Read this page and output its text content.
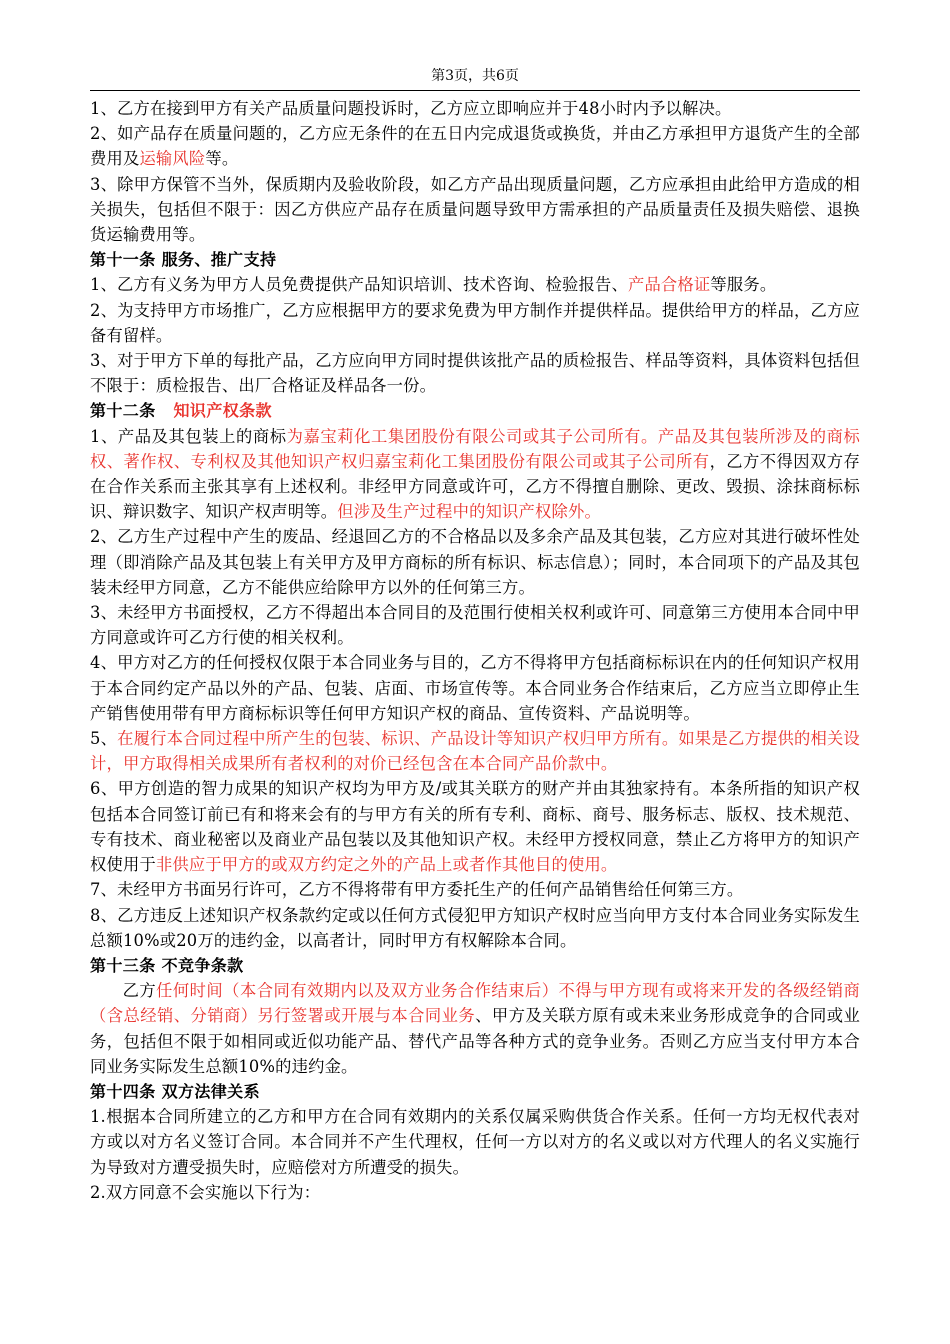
第3页，共6页

1、乙方在接到甲方有关产品质量问题投诉时，乙方应立即响应并于48小时内予以解决。

2、如产品存在质量问题的，乙方应无条件的在五日内完成退货或换货，并由乙方承担甲方退货产生的全部费用及运输风险等。

3、除甲方保管不当外，保质期内及验收阶段，如乙方产品出现质量问题，乙方应承担由此给甲方造成的相关损失，包括但不限于：因乙方供应产品存在质量问题导致甲方需承担的产品质量责任及损失赔偿、退换货运输费用等。

第十一条 服务、推广支持

1、乙方有义务为甲方人员免费提供产品知识培训、技术咨询、检验报告、产品合格证等服务。

2、为支持甲方市场推广，乙方应根据甲方的要求免费为甲方制作并提供样品。提供给甲方的样品，乙方应备有留样。

3、对于甲方下单的每批产品，乙方应向甲方同时提供该批产品的质检报告、样品等资料，具体资料包括但不限于：质检报告、出厂合格证及样品各一份。

第十二条 知识产权条款

1、产品及其包装上的商标为嘉宝莉化工集团股份有限公司或其子公司所有。产品及其包装所涉及的商标权、著作权、专利权及其他知识产权归嘉宝莉化工集团股份有限公司或其子公司所有，乙方不得因双方存在合作关系而主张其享有上述权利。非经甲方同意或许可，乙方不得擅自删除、更改、毁损、涂抹商标标识、辩识数字、知识产权声明等。但涉及生产过程中的知识产权除外。

2、乙方生产过程中产生的废品、经退回乙方的不合格品以及多余产品及其包装，乙方应对其进行破坏性处理（即消除产品及其包装上有关甲方及甲方商标的所有标识、标志信息）；同时，本合同项下的产品及其包装未经甲方同意，乙方不能供应给除甲方以外的任何第三方。

3、未经甲方书面授权，乙方不得超出本合同目的及范围行使相关权利或许可、同意第三方使用本合同中甲方同意或许可乙方行使的相关权利。

4、甲方对乙方的任何授权仅限于本合同业务与目的，乙方不得将甲方包括商标标识在内的任何知识产权用于本合同约定产品以外的产品、包装、店面、市场宣传等。本合同业务合作结束后，乙方应当立即停止生产销售使用带有甲方商标标识等任何甲方知识产权的商品、宣传资料、产品说明等。

5、在履行本合同过程中所产生的包装、标识、产品设计等知识产权归甲方所有。如果是乙方提供的相关设计，甲方取得相关成果所有者权利的对价已经包含在本合同产品价款中。

6、甲方创造的智力成果的知识产权均为甲方及/或其关联方的财产并由其独家持有。本条所指的知识产权包括本合同签订前已有和将来会有的与甲方有关的所有专利、商标、商号、服务标志、版权、技术规范、专有技术、商业秘密以及商业产品包装以及其他知识产权。未经甲方授权同意，禁止乙方将甲方的知识产权使用于非供应于甲方的或双方约定之外的产品上或者作其他目的使用。

7、未经甲方书面另行许可，乙方不得将带有甲方委托生产的任何产品销售给任何第三方。

8、乙方违反上述知识产权条款约定或以任何方式侵犯甲方知识产权时应当向甲方支付本合同业务实际发生总额10%或20万的违约金，以高者计，同时甲方有权解除本合同。

第十三条 不竞争条款

乙方任何时间（本合同有效期内以及双方业务合作结束后）不得与甲方现有或将来开发的各级经销商（含总经销、分销商）另行签署或开展与本合同业务、甲方及关联方原有或未来业务形成竞争的合同或业务，包括但不限于如相同或近似功能产品、替代产品等各种方式的竞争业务。否则乙方应当支付甲方本合同业务实际发生总额10%的违约金。

第十四条 双方法律关系

1.根据本合同所建立的乙方和甲方在合同有效期内的关系仅属采购供货合作关系。任何一方均无权代表对方或以对方名义签订合同。本合同并不产生代理权，任何一方以对方的名义或以对方代理人的名义实施行为导致对方遭受损失时，应赔偿对方所遭受的损失。

2.双方同意不会实施以下行为：
